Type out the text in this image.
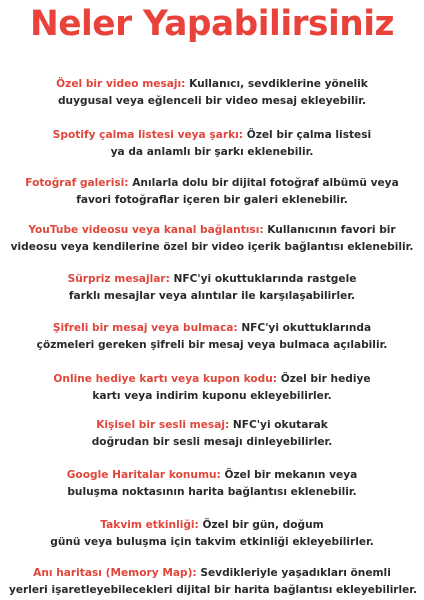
Neler Yapabilirsiniz
Özel bir video mesajı: Kullanıcı, sevdiklerine yönelik
duygusal veya eğlenceli bir video mesaj ekleyebilir.
Spotify çalma listesi veya şarkı: Özel bir çalma listesi
ya da anlamlı bir şarkı eklenebilir.
Fotoğraf galerisi: Anılarla dolu bir dijital fotoğraf albümü veya
favori fotoğraflar içeren bir galeri eklenebilir.
YouTube videosu veya kanal bağlantısı: Kullanıcının favori bir
videosu veya kendilerine özel bir video içerik bağlantısı eklenebilir.
Sürpriz mesajlar: NFC'yi okuttuklarında rastgele
farklı mesajlar veya alıntılar ile karşılaşabilirler.
Şifreli bir mesaj veya bulmaca: NFC'yi okuttuklarında
çözmeleri gereken şifreli bir mesaj veya bulmaca açılabilir.
Online hediye kartı veya kupon kodu: Özel bir hediye
kartı veya indirim kuponu ekleyebilirler.
Kişisel bir sesli mesaj: NFC'yi okutarak
doğrudan bir sesli mesajı dinleyebilirler.
Google Haritalar konumu: Özel bir mekanın veya
buluşma noktasının harita bağlantısı eklenebilir.
Takvim etkinliği: Özel bir gün, doğum
günü veya buluşma için takvim etkinliği ekleyebilirler.
Anı haritası (Memory Map): Sevdikleriyle yaşadıkları önemli
yerleri işaretleyebilecekleri dijital bir harita bağlantısı ekleyebilirler.
